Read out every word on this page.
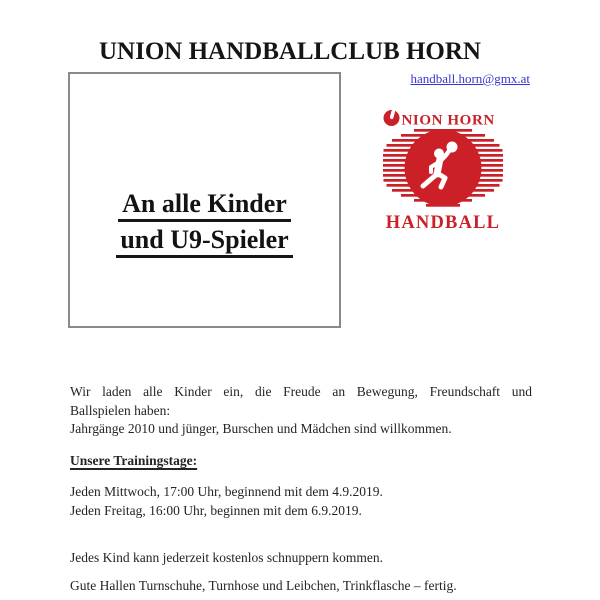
UNION HANDBALLCLUB HORN
handball.horn@gmx.at
An alle Kinder
und U9-Spieler
NION HORN
HANDBALL
Wir laden alle Kinder ein, die Freude an Bewegung, Freundschaft und
Ballspielen haben:
Jahrgänge 2010 und jünger, Burschen und Mädchen sind willkommen.
Unsere Trainingstage:
Jeden Mittwoch, 17:00 Uhr, beginnend mit dem 4.9.2019.
Jeden Freitag, 16:00 Uhr, beginnen mit dem 6.9.2019.
Jedes Kind kann jederzeit kostenlos schnuppern kommen.
Gute Hallen Turnschuhe, Turnhose und Leibchen, Trinkflasche – fertig.
